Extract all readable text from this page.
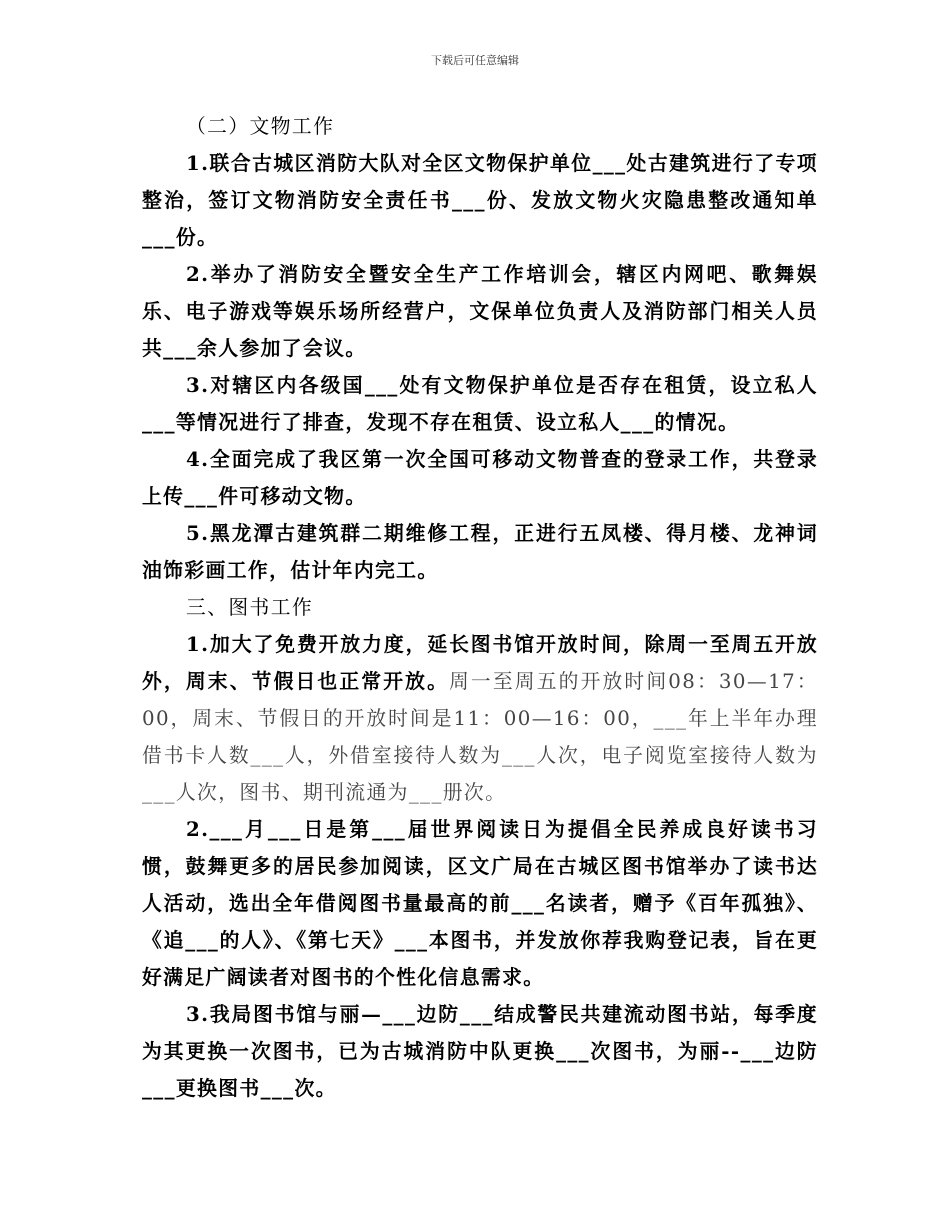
下载后可任意编辑
（二）文物工作

1.联合古城区消防大队对全区文物保护单位___处古建筑进行了专项整治，签订文物消防安全责任书___份、发放文物火灾隐患整改通知单___份。

2.举办了消防安全暨安全生产工作培训会，辖区内网吧、歌舞娱乐、电子游戏等娱乐场所经营户，文保单位负责人及消防部门相关人员共___余人参加了会议。

3.对辖区内各级国___处有文物保护单位是否存在租赁，设立私人___等情况进行了排查，发现不存在租赁、设立私人___的情况。

4.全面完成了我区第一次全国可移动文物普查的登录工作，共登录上传___件可移动文物。

5.黑龙潭古建筑群二期维修工程，正进行五凤楼、得月楼、龙神词油饰彩画工作，估计年内完工。

三、图书工作

1.加大了免费开放力度，延长图书馆开放时间，除周一至周五开放外，周末、节假日也正常开放。周一至周五的开放时间08：30—17：00，周末、节假日的开放时间是11：00—16：00，___年上半年办理借书卡人数___人，外借室接待人数为___人次，电子阅览室接待人数为___人次，图书、期刊流通为___册次。

2.___月___日是第___届世界阅读日为提倡全民养成良好读书习惯，鼓舞更多的居民参加阅读，区文广局在古城区图书馆举办了读书达人活动，选出全年借阅图书量最高的前___名读者，赠予《百年孤独》、《追___的人》、《第七天》___本图书，并发放你荐我购登记表，旨在更好满足广阔读者对图书的个性化信息需求。

3.我局图书馆与丽—___边防___结成警民共建流动图书站，每季度为其更换一次图书，已为古城消防中队更换___次图书，为丽--___边防___更换图书___次。
